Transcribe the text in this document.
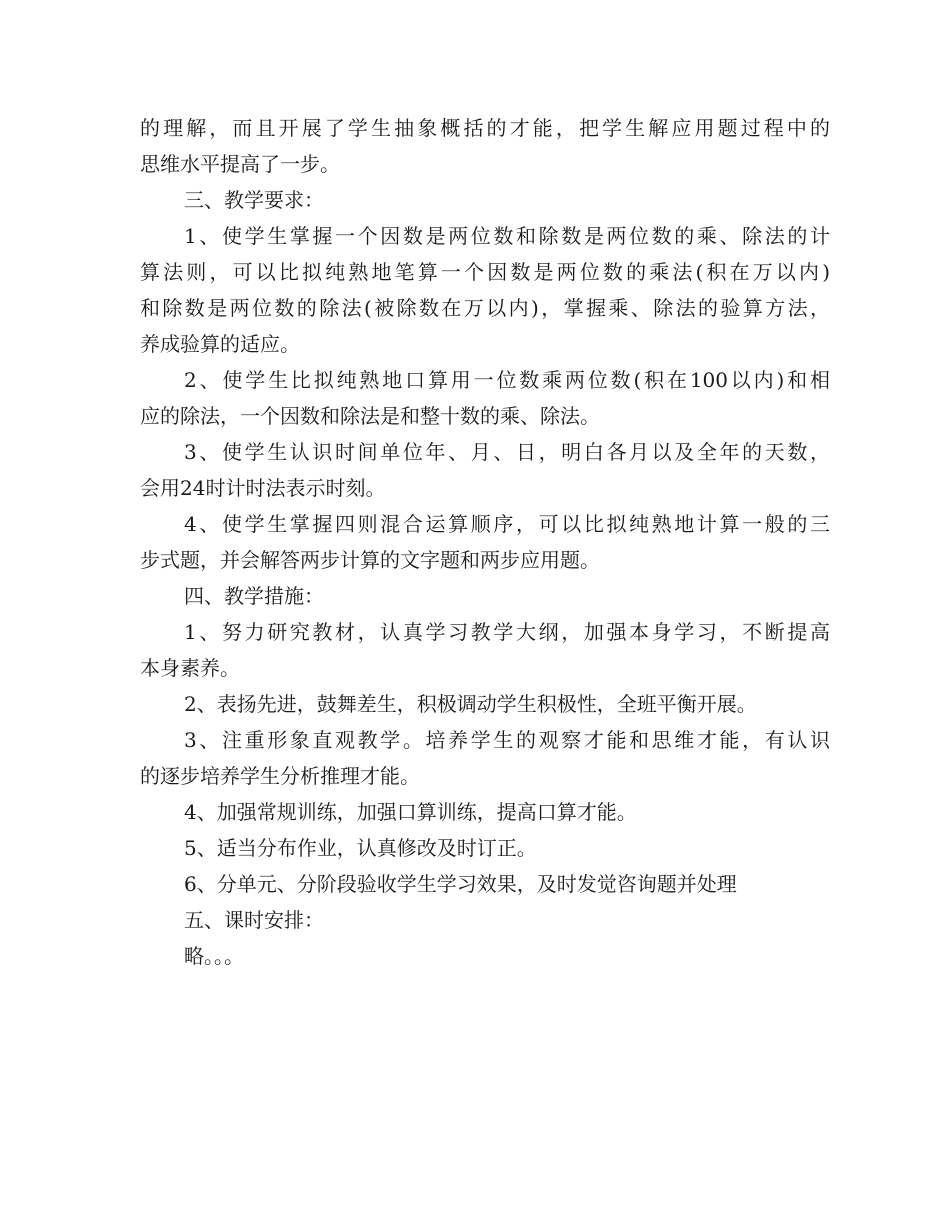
的理解，而且开展了学生抽象概括的才能，把学生解应用题过程中的
思维水平提高了一步。
三、教学要求：
1、使学生掌握一个因数是两位数和除数是两位数的乘、除法的计
算法则，可以比拟纯熟地笔算一个因数是两位数的乘法(积在万以内)
和除数是两位数的除法(被除数在万以内)，掌握乘、除法的验算方法，
养成验算的适应。
2、使学生比拟纯熟地口算用一位数乘两位数(积在100以内)和相
应的除法，一个因数和除法是和整十数的乘、除法。
3、使学生认识时间单位年、月、日，明白各月以及全年的天数，
会用24时计时法表示时刻。
4、使学生掌握四则混合运算顺序，可以比拟纯熟地计算一般的三
步式题，并会解答两步计算的文字题和两步应用题。
四、教学措施：
1、努力研究教材，认真学习教学大纲，加强本身学习，不断提高
本身素养。
2、表扬先进，鼓舞差生，积极调动学生积极性，全班平衡开展。
3、注重形象直观教学。培养学生的观察才能和思维才能，有认识
的逐步培养学生分析推理才能。
4、加强常规训练，加强口算训练，提高口算才能。
5、适当分布作业，认真修改及时订正。
6、分单元、分阶段验收学生学习效果，及时发觉咨询题并处理
五、课时安排：
略。。。
